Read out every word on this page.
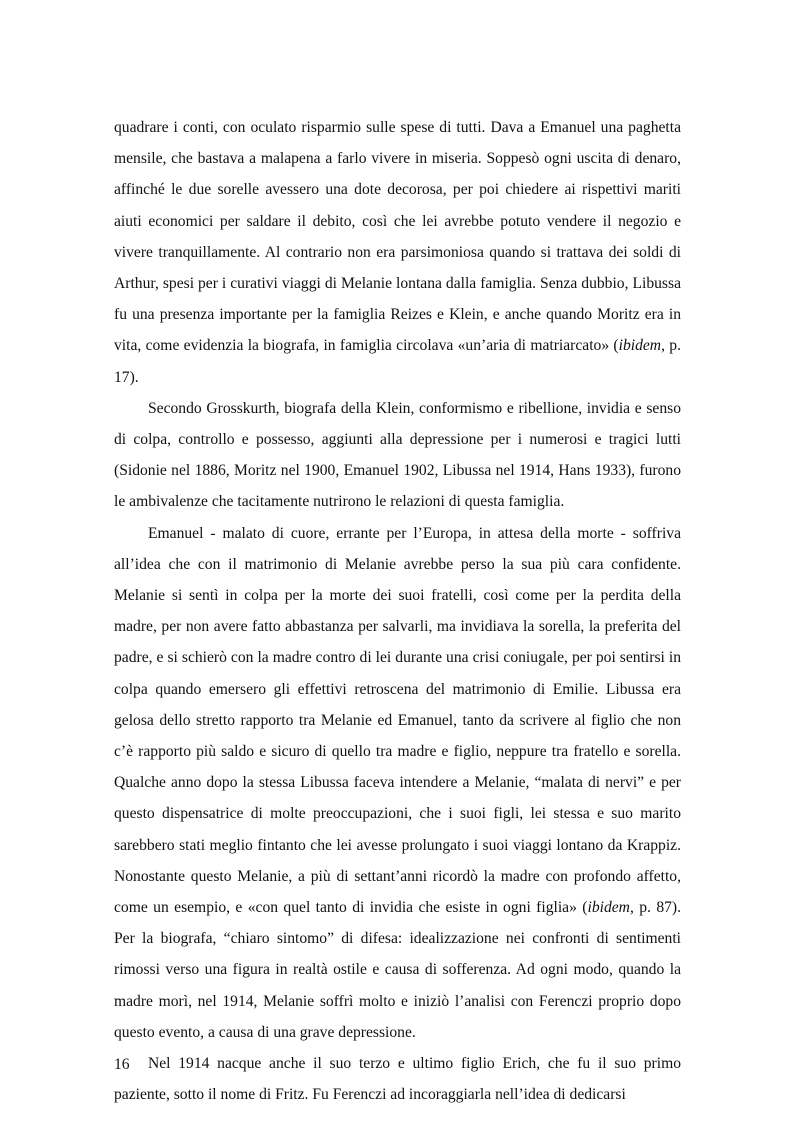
quadrare i conti, con oculato risparmio sulle spese di tutti. Dava a Emanuel una paghetta mensile, che bastava a malapena a farlo vivere in miseria. Soppesò ogni uscita di denaro, affinché le due sorelle avessero una dote decorosa, per poi chiedere ai rispettivi mariti aiuti economici per saldare il debito, così che lei avrebbe potuto vendere il negozio e vivere tranquillamente. Al contrario non era parsimoniosa quando si trattava dei soldi di Arthur, spesi per i curativi viaggi di Melanie lontana dalla famiglia. Senza dubbio, Libussa fu una presenza importante per la famiglia Reizes e Klein, e anche quando Moritz era in vita, come evidenzia la biografa, in famiglia circolava «un’aria di matriarcato» (ibidem, p. 17).

Secondo Grosskurth, biografa della Klein, conformismo e ribellione, invidia e senso di colpa, controllo e possesso, aggiunti alla depressione per i numerosi e tragici lutti (Sidonie nel 1886, Moritz nel 1900, Emanuel 1902, Libussa nel 1914, Hans 1933), furono le ambivalenze che tacitamente nutrirono le relazioni di questa famiglia.

Emanuel - malato di cuore, errante per l’Europa, in attesa della morte - soffriva all’idea che con il matrimonio di Melanie avrebbe perso la sua più cara confidente. Melanie si sentì in colpa per la morte dei suoi fratelli, così come per la perdita della madre, per non avere fatto abbastanza per salvarli, ma invidiava la sorella, la preferita del padre, e si schierò con la madre contro di lei durante una crisi coniugale, per poi sentirsi in colpa quando emersero gli effettivi retroscena del matrimonio di Emilie. Libussa era gelosa dello stretto rapporto tra Melanie ed Emanuel, tanto da scrivere al figlio che non c’è rapporto più saldo e sicuro di quello tra madre e figlio, neppure tra fratello e sorella. Qualche anno dopo la stessa Libussa faceva intendere a Melanie, “malata di nervi” e per questo dispensatrice di molte preoccupazioni, che i suoi figli, lei stessa e suo marito sarebbero stati meglio fintanto che lei avesse prolungato i suoi viaggi lontano da Krappiz. Nonostante questo Melanie, a più di settant’anni ricordò la madre con profondo affetto, come un esempio, e «con quel tanto di invidia che esiste in ogni figlia» (ibidem, p. 87). Per la biografa, “chiaro sintomo” di difesa: idealizzazione nei confronti di sentimenti rimossi verso una figura in realtà ostile e causa di sofferenza. Ad ogni modo, quando la madre morì, nel 1914, Melanie soffrì molto e iniziò l’analisi con Ferenczi proprio dopo questo evento, a causa di una grave depressione.

Nel 1914 nacque anche il suo terzo e ultimo figlio Erich, che fu il suo primo paziente, sotto il nome di Fritz. Fu Ferenczi ad incoraggiarla nell’idea di dedicarsi

16
